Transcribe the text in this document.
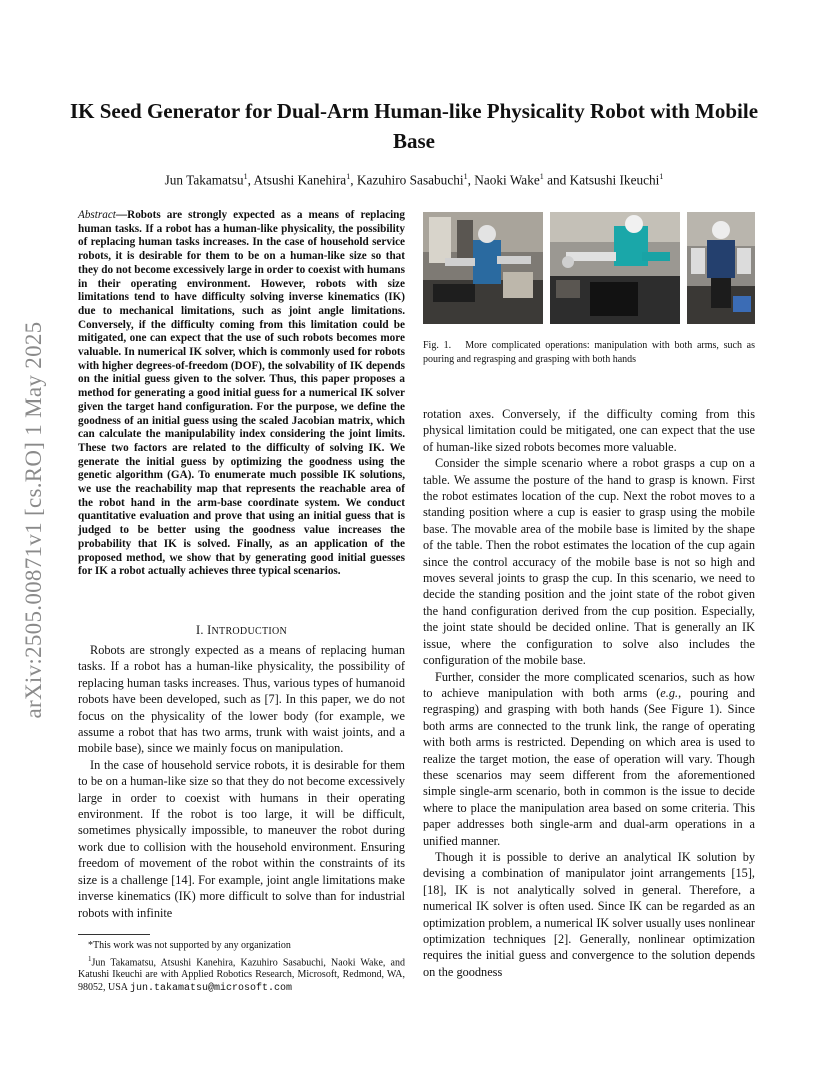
IK Seed Generator for Dual-Arm Human-like Physicality Robot with Mobile Base
Jun Takamatsu$^1$, Atsushi Kanehira$^1$, Kazuhiro Sasabuchi$^1$, Naoki Wake$^1$ and Katsushi Ikeuchi$^1$
arXiv:2505.00871v1 [cs.RO] 1 May 2025
Abstract—Robots are strongly expected as a means of replacing human tasks. If a robot has a human-like physicality, the possibility of replacing human tasks increases. In the case of household service robots, it is desirable for them to be on a human-like size so that they do not become excessively large in order to coexist with humans in their operating environment. However, robots with size limitations tend to have difficulty solving inverse kinematics (IK) due to mechanical limitations, such as joint angle limitations. Conversely, if the difficulty coming from this limitation could be mitigated, one can expect that the use of such robots becomes more valuable. In numerical IK solver, which is commonly used for robots with higher degrees-of-freedom (DOF), the solvability of IK depends on the initial guess given to the solver. Thus, this paper proposes a method for generating a good initial guess for a numerical IK solver given the target hand configuration. For the purpose, we define the goodness of an initial guess using the scaled Jacobian matrix, which can calculate the manipulability index considering the joint limits. These two factors are related to the difficulty of solving IK. We generate the initial guess by optimizing the goodness using the genetic algorithm (GA). To enumerate much possible IK solutions, we use the reachability map that represents the reachable area of the robot hand in the arm-base coordinate system. We conduct quantitative evaluation and prove that using an initial guess that is judged to be better using the goodness value increases the probability that IK is solved. Finally, as an application of the proposed method, we show that by generating good initial guesses for IK a robot actually achieves three typical scenarios.
I. INTRODUCTION

Robots are strongly expected as a means of replacing human tasks. If a robot has a human-like physicality, the possibility of replacing human tasks increases. Thus, various types of humanoid robots have been developed, such as [7]. In this paper, we do not focus on the physicality of the lower body (for example, we assume a robot that has two arms, trunk with waist joints, and a mobile base), since we mainly focus on manipulation.

In the case of household service robots, it is desirable for them to be on a human-like size so that they do not become excessively large in order to coexist with humans in their operating environment. If the robot is too large, it will be difficult, sometimes physically impossible, to maneuver the robot during work due to collision with the household environment. Ensuring freedom of movement of the robot within the constraints of its size is a challenge [14]. For example, joint angle limitations make inverse kinematics (IK) more difficult to solve than for industrial robots with infinite

*This work was not supported by any organization
$^1$Jun Takamatsu, Atsushi Kanehira, Kazuhiro Sasabuchi, Naoki Wake, and Katushi Ikeuchi are with Applied Robotics Research, Microsoft, Redmond, WA, 98052, USA jun.takamatsu@microsoft.com
Fig. 1. More complicated operations: manipulation with both arms, such as pouring and regrasping and grasping with both hands

rotation axes. Conversely, if the difficulty coming from this physical limitation could be mitigated, one can expect that the use of human-like sized robots becomes more valuable.

Consider the simple scenario where a robot grasps a cup on a table. We assume the posture of the hand to grasp is known. First the robot estimates location of the cup. Next the robot moves to a standing position where a cup is easier to grasp using the mobile base. The movable area of the mobile base is limited by the shape of the table. Then the robot estimates the location of the cup again since the control accuracy of the mobile base is not so high and moves several joints to grasp the cup. In this scenario, we need to decide the standing position and the joint state of the robot given the hand configuration derived from the cup position. Especially, the joint state should be decided online. That is generally an IK issue, where the configuration to solve also includes the configuration of the mobile base.

Further, consider the more complicated scenarios, such as how to achieve manipulation with both arms (e.g., pouring and regrasping) and grasping with both hands (See Figure 1). Since both arms are connected to the trunk link, the range of operating with both arms is restricted. Depending on which area is used to realize the target motion, the ease of operation will vary. Though these scenarios may seem different from the aforementioned simple single-arm scenario, both in common is the issue to decide where to place the manipulation area based on some criteria. This paper addresses both single-arm and dual-arm operations in a unified manner.

Though it is possible to derive an analytical IK solution by devising a combination of manipulator joint arrangements [15], [18], IK is not analytically solved in general. Therefore, a numerical IK solver is often used. Since IK can be regarded as an optimization problem, a numerical IK solver usually uses nonlinear optimization techniques [2]. Generally, nonlinear optimization requires the initial guess and convergence to the solution depends on the goodness
